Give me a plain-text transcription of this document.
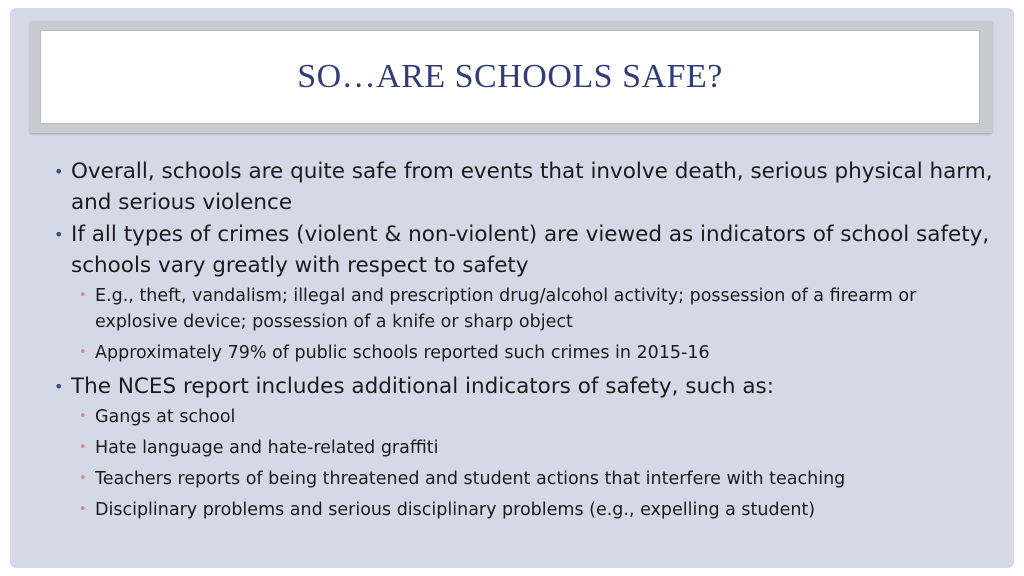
SO…ARE SCHOOLS SAFE?
• Overall, schools are quite safe from events that involve death, serious physical harm, and serious violence
• If all types of crimes (violent & non-violent) are viewed as indicators of school safety, schools vary greatly with respect to safety
• E.g., theft, vandalism; illegal and prescription drug/alcohol activity; possession of a firearm or explosive device; possession of a knife or sharp object
• Approximately 79% of public schools reported such crimes in 2015-16
• The NCES report includes additional indicators of safety, such as:
• Gangs at school
• Hate language and hate-related graffiti
• Teachers reports of being threatened and student actions that interfere with teaching
• Disciplinary problems and serious disciplinary problems (e.g., expelling a student)
